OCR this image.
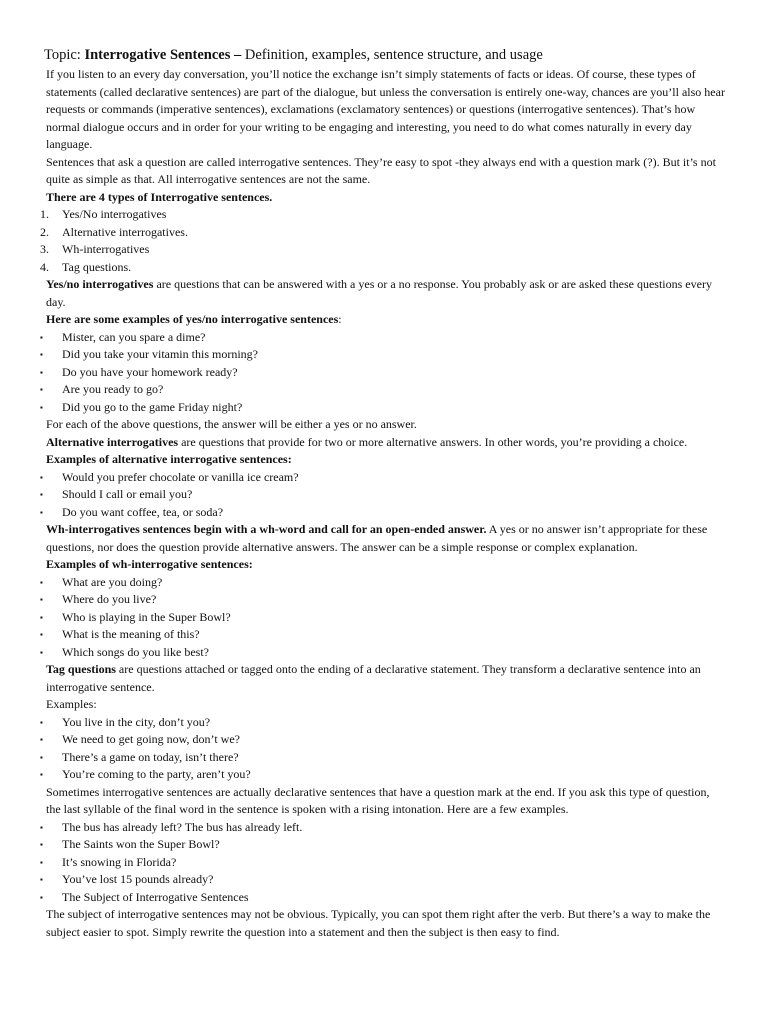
Topic: Interrogative Sentences – Definition, examples, sentence structure, and usage

If you listen to an every day conversation, you’ll notice the exchange isn’t simply statements of facts or ideas. Of course, these types of statements (called declarative sentences) are part of the dialogue, but unless the conversation is entirely one-way, chances are you’ll also hear requests or commands (imperative sentences), exclamations (exclamatory sentences) or questions (interrogative sentences). That’s how normal dialogue occurs and in order for your writing to be engaging and interesting, you need to do what comes naturally in every day language.

Sentences that ask a question are called interrogative sentences. They’re easy to spot -they always end with a question mark (?). But it’s not quite as simple as that. All interrogative sentences are not the same.

There are 4 types of Interrogative sentences.

1.	Yes/No interrogatives
2.	Alternative interrogatives.
3.	Wh-interrogatives
4.	Tag questions.

Yes/no interrogatives are questions that can be answered with a yes or a no response. You probably ask or are asked these questions every day.

Here are some examples of yes/no interrogative sentences:

▪	Mister, can you spare a dime?
▪	Did you take your vitamin this morning?
▪	Do you have your homework ready?
▪	Are you ready to go?
▪	Did you go to the game Friday night?

For each of the above questions, the answer will be either a yes or no answer.

Alternative interrogatives are questions that provide for two or more alternative answers. In other words, you’re providing a choice.

Examples of alternative interrogative sentences:

▪	Would you prefer chocolate or vanilla ice cream?
▪	Should I call or email you?
▪	Do you want coffee, tea, or soda?

Wh-interrogatives sentences begin with a wh-word and call for an open-ended answer. A yes or no answer isn’t appropriate for these questions, nor does the question provide alternative answers. The answer can be a simple response or complex explanation.

Examples of wh-interrogative sentences:

▪	What are you doing?
▪	Where do you live?
▪	Who is playing in the Super Bowl?
▪	What is the meaning of this?
▪	Which songs do you like best?

Tag questions are questions attached or tagged onto the ending of a declarative statement. They transform a declarative sentence into an interrogative sentence.

Examples:

▪	You live in the city, don’t you?
▪	We need to get going now, don’t we?
▪	There’s a game on today, isn’t there?
▪	You’re coming to the party, aren’t you?

Sometimes interrogative sentences are actually declarative sentences that have a question mark at the end. If you ask this type of question, the last syllable of the final word in the sentence is spoken with a rising intonation. Here are a few examples.

▪	The bus has already left? The bus has already left.
▪	The Saints won the Super Bowl?
▪	It’s snowing in Florida?
▪	You’ve lost 15 pounds already?
▪	The Subject of Interrogative Sentences

The subject of interrogative sentences may not be obvious. Typically, you can spot them right after the verb. But there’s a way to make the subject easier to spot. Simply rewrite the question into a statement and then the subject is then easy to find.
